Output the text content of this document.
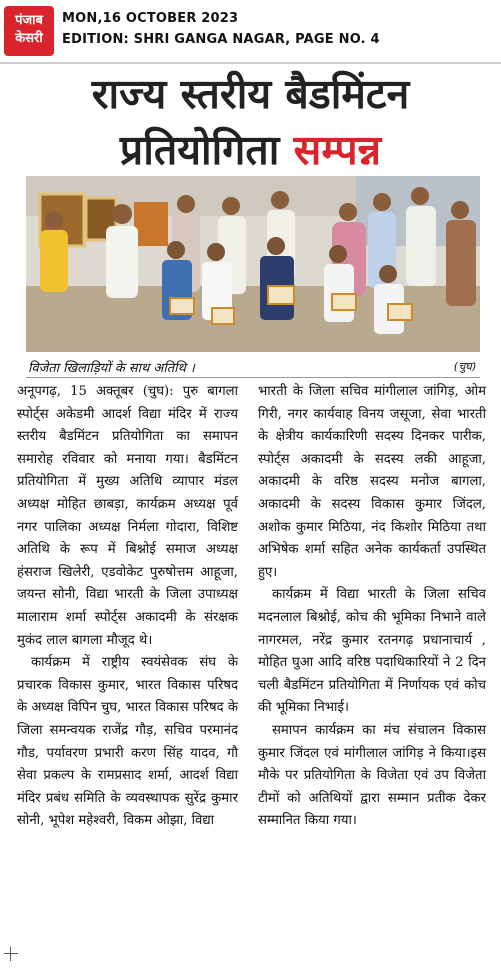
पंजाब
केसरी
MON,16 OCTOBER 2023
EDITION: SHRI GANGA NAGAR, PAGE NO. 4
राज्य स्तरीय बैडमिंटन
प्रतियोगिता सम्पन्न
विजेता खिलाड़ियों के साथ अतिथि ।	(चुघ)

अनूपगढ़, 15 अक्तूबर (चुघ): पुरु बागला स्पोर्ट्स अकेडमी आदर्श विद्या मंदिर में राज्य स्तरीय बैडमिंटन प्रतियोगिता का समापन समारोह रविवार को मनाया गया। बैडमिंटन प्रतियोगिता में मुख्य अतिथि व्यापार मंडल अध्यक्ष मोहित छाबड़ा, कार्यक्रम अध्यक्ष पूर्व नगर पालिका अध्यक्ष निर्मला गोदारा, विशिष्ट अतिथि के रूप में बिश्नोई समाज अध्यक्ष हंसराज खिलेरी, एडवोकेट पुरुषोत्तम आहूजा, जयन्त सोनी, विद्या भारती के जिला उपाध्यक्ष मालाराम शर्मा स्पोर्ट्स अकादमी के संरक्षक मुकंद लाल बागला मौजूद थे।

कार्यक्रम में राष्ट्रीय स्वयंसेवक संघ के प्रचारक विकास कुमार, भारत विकास परिषद के अध्यक्ष विपिन चुघ, भारत विकास परिषद के जिला समन्वयक राजेंद्र गौड़, सचिव परमानंद गौड, पर्यावरण प्रभारी करण सिंह यादव, गौ सेवा प्रकल्प के रामप्रसाद शर्मा, आदर्श विद्या मंदिर प्रबंध समिति के व्यवस्थापक सुरेंद्र कुमार सोनी, भूपेश महेश्वरी, विकम ओझा, विद्या

भारती के जिला सचिव मांगीलाल जांगिड़, ओम गिरी, नगर कार्यवाह विनय जसूजा, सेवा भारती के क्षेत्रीय कार्यकारिणी सदस्य दिनकर पारीक, स्पोर्ट्स अकादमी के सदस्य लकी आहूजा, अकादमी के वरिष्ठ सदस्य मनोज बागला, अकादमी के सदस्य विकास कुमार जिंदल, अशोक कुमार मिठिया, नंद किशोर मिठिया तथा अभिषेक शर्मा सहित अनेक कार्यकर्ता उपस्थित हुए।

कार्यक्रम में विद्या भारती के जिला सचिव मदनलाल बिश्नोई, कोच की भूमिका निभाने वाले नागरमल, नरेंद्र कुमार रतनगढ़ प्रधानाचार्य , मोहित घुआ आदि वरिष्ठ पदाधिकारियों ने 2 दिन चली बैडमिंटन प्रतियोगिता में निर्णायक एवं कोच की भूमिका निभाई।

समापन कार्यक्रम का मंच संचालन विकास कुमार जिंदल एवं मांगीलाल जांगिड़ ने किया।इस मौके पर प्रतियोगिता के विजेता एवं उप विजेता टीमों को अतिथियों द्वारा सम्मान प्रतीक देकर सम्मानित किया गया।
